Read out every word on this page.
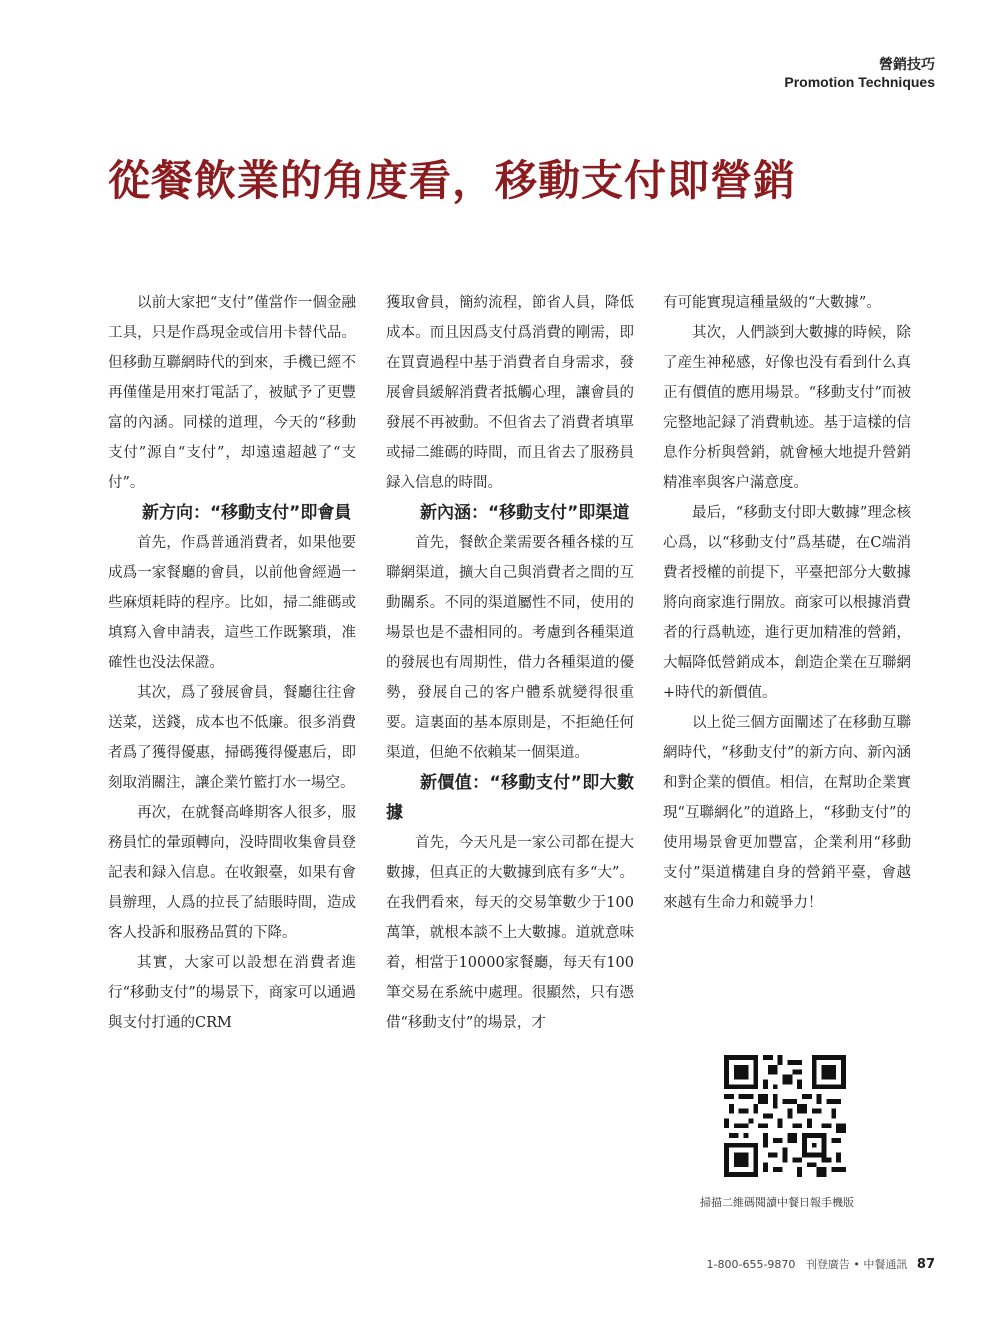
營銷技巧
Promotion Techniques
從餐飲業的角度看，移動支付即營銷

以前大家把“支付”僅當作一個金融工具，只是作爲現金或信用卡替代品。但移動互聯網時代的到來，手機已經不再僅僅是用來打電話了，被賦予了更豐富的內涵。同樣的道理，今天的“移動支付”源自“支付”，却遠遠超越了“支付”。

新方向：“移動支付”即會員

首先，作爲普通消費者，如果他要成爲一家餐廳的會員，以前他會經過一些麻煩耗時的程序。比如，掃二維碼或填寫入會申請表，這些工作既繁瑣，准確性也没法保證。

其次，爲了發展會員，餐廳往往會送菜，送錢，成本也不低廉。很多消費者爲了獲得優惠，掃碼獲得優惠后，即刻取消關注，讓企業竹籃打水一場空。

再次，在就餐高峰期客人很多，服務員忙的暈頭轉向，没時間收集會員登記表和録入信息。在收銀臺，如果有會員辦理，人爲的拉長了結賬時間，造成客人投訴和服務品質的下降。

其實，大家可以設想在消費者進行“移動支付”的場景下，商家可以通過與支付打通的CRM

獲取會員，簡約流程，節省人員，降低成本。而且因爲支付爲消費的剛需，即在買賣過程中基于消費者自身需求，發展會員緩解消費者抵觸心理，讓會員的發展不再被動。不但省去了消費者填單或掃二維碼的時間，而且省去了服務員録入信息的時間。

新內涵：“移動支付”即渠道

首先，餐飲企業需要各種各樣的互聯網渠道，擴大自己與消費者之間的互動關系。不同的渠道屬性不同，使用的場景也是不盡相同的。考慮到各種渠道的發展也有周期性，借力各種渠道的優勢，發展自己的客户體系就變得很重要。這裏面的基本原則是，不拒絶任何渠道，但絶不依賴某一個渠道。

新價值：“移動支付”即大數據

首先，今天凡是一家公司都在提大數據，但真正的大數據到底有多“大”。在我們看來，每天的交易筆數少于100萬筆，就根本談不上大數據。道就意味着，相當于10000家餐廳，每天有100筆交易在系統中處理。很顯然，只有憑借“移動支付”的場景，才

有可能實現這種量級的“大數據”。

其次，人們談到大數據的時候，除了産生神秘感，好像也没有看到什么真正有價值的應用場景。“移動支付”而被完整地記録了消費軌迹。基于這樣的信息作分析與營銷，就會極大地提升營銷精准率與客户滿意度。

最后，“移動支付即大數據”理念核心爲，以“移動支付”爲基礎，在C端消費者授權的前提下，平臺把部分大數據將向商家進行開放。商家可以根據消費者的行爲軌迹，進行更加精准的營銷，大幅降低營銷成本，創造企業在互聯網+時代的新價值。

以上從三個方面闡述了在移動互聯網時代，“移動支付”的新方向、新內涵和對企業的價值。相信，在幫助企業實現“互聯網化”的道路上，“移動支付”的使用場景會更加豐富，企業利用“移動支付”渠道構建自身的營銷平臺，會越來越有生命力和競爭力！

掃描二維碼閱讀中餐日報手機版
1-800-655-9870 刊登廣告 • 中餐通訊 87
